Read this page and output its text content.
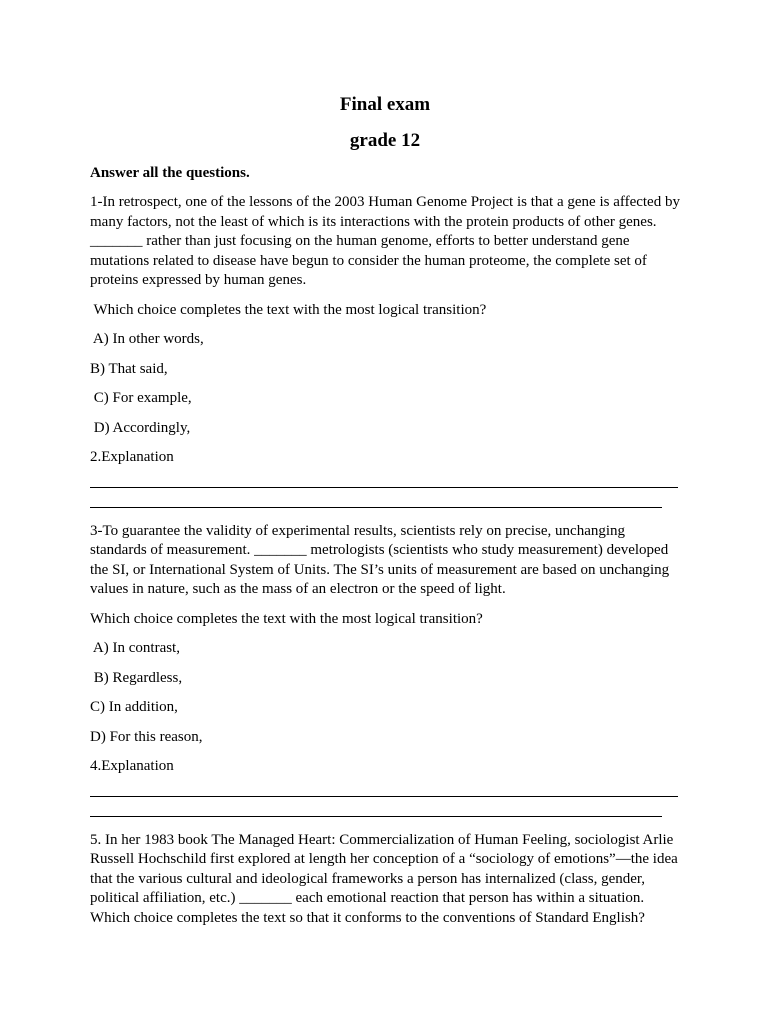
Final exam
grade 12
Answer all the questions.

1-In retrospect, one of the lessons of the 2003 Human Genome Project is that a gene is affected by many factors, not the least of which is its interactions with the protein products of other genes. _______ rather than just focusing on the human genome, efforts to better understand gene mutations related to disease have begun to consider the human proteome, the complete set of proteins expressed by human genes.

Which choice completes the text with the most logical transition?

A) In other words,

B) That said,

C) For example,

D) Accordingly,

2.Explanation

3-To guarantee the validity of experimental results, scientists rely on precise, unchanging standards of measurement. _______ metrologists (scientists who study measurement) developed the SI, or International System of Units. The SI’s units of measurement are based on unchanging values in nature, such as the mass of an electron or the speed of light.

Which choice completes the text with the most logical transition?

A) In contrast,

B) Regardless,

C) In addition,

D) For this reason,

4.Explanation

5. In her 1983 book The Managed Heart: Commercialization of Human Feeling, sociologist Arlie Russell Hochschild first explored at length her conception of a “sociology of emotions”—the idea that the various cultural and ideological frameworks a person has internalized (class, gender, political affiliation, etc.) _______ each emotional reaction that person has within a situation. Which choice completes the text so that it conforms to the conventions of Standard English?
